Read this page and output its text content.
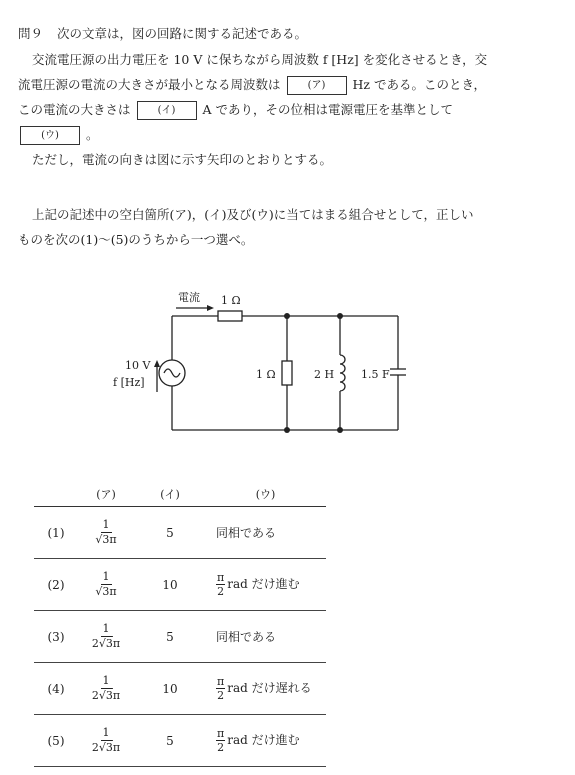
問９ 次の文章は，図の回路に関する記述である。
交流電圧源の出力電圧を 10 V に保ちながら周波数 f [Hz] を変化させるとき，交
流電圧源の電流の大きさが最小となる周波数は	(ア) Hz である。このとき，
この電流の大きさは	(イ) A であり，その位相は電源電圧を基準として
(ウ) 。
ただし，電流の向きは図に示す矢印のとおりとする。
上記の記述中の空白箇所(ア)，(イ)及び(ウ)に当てはまる組合せとして，正しい
ものを次の(1)～(5)のうちから一つ選べ。
電流 1 Ω
10 V
f [Hz]
1 Ω	2 H 1.5 F
	(ア)	(イ)	(ウ)
(1)	$\frac{1}{√3\pi}$	5	同相である
(2)	$\frac{1}{√3\pi}$	10	$\frac{\pi}{2}$ rad だけ進む
(3)	$\frac{1}{2√3\pi}$	5	同相である
(4)	$\frac{1}{2√3\pi}$	10	$\frac{\pi}{2}$ rad だけ遅れる
(5)	$\frac{1}{2√3\pi}$	5	$\frac{\pi}{2}$ rad だけ進む
